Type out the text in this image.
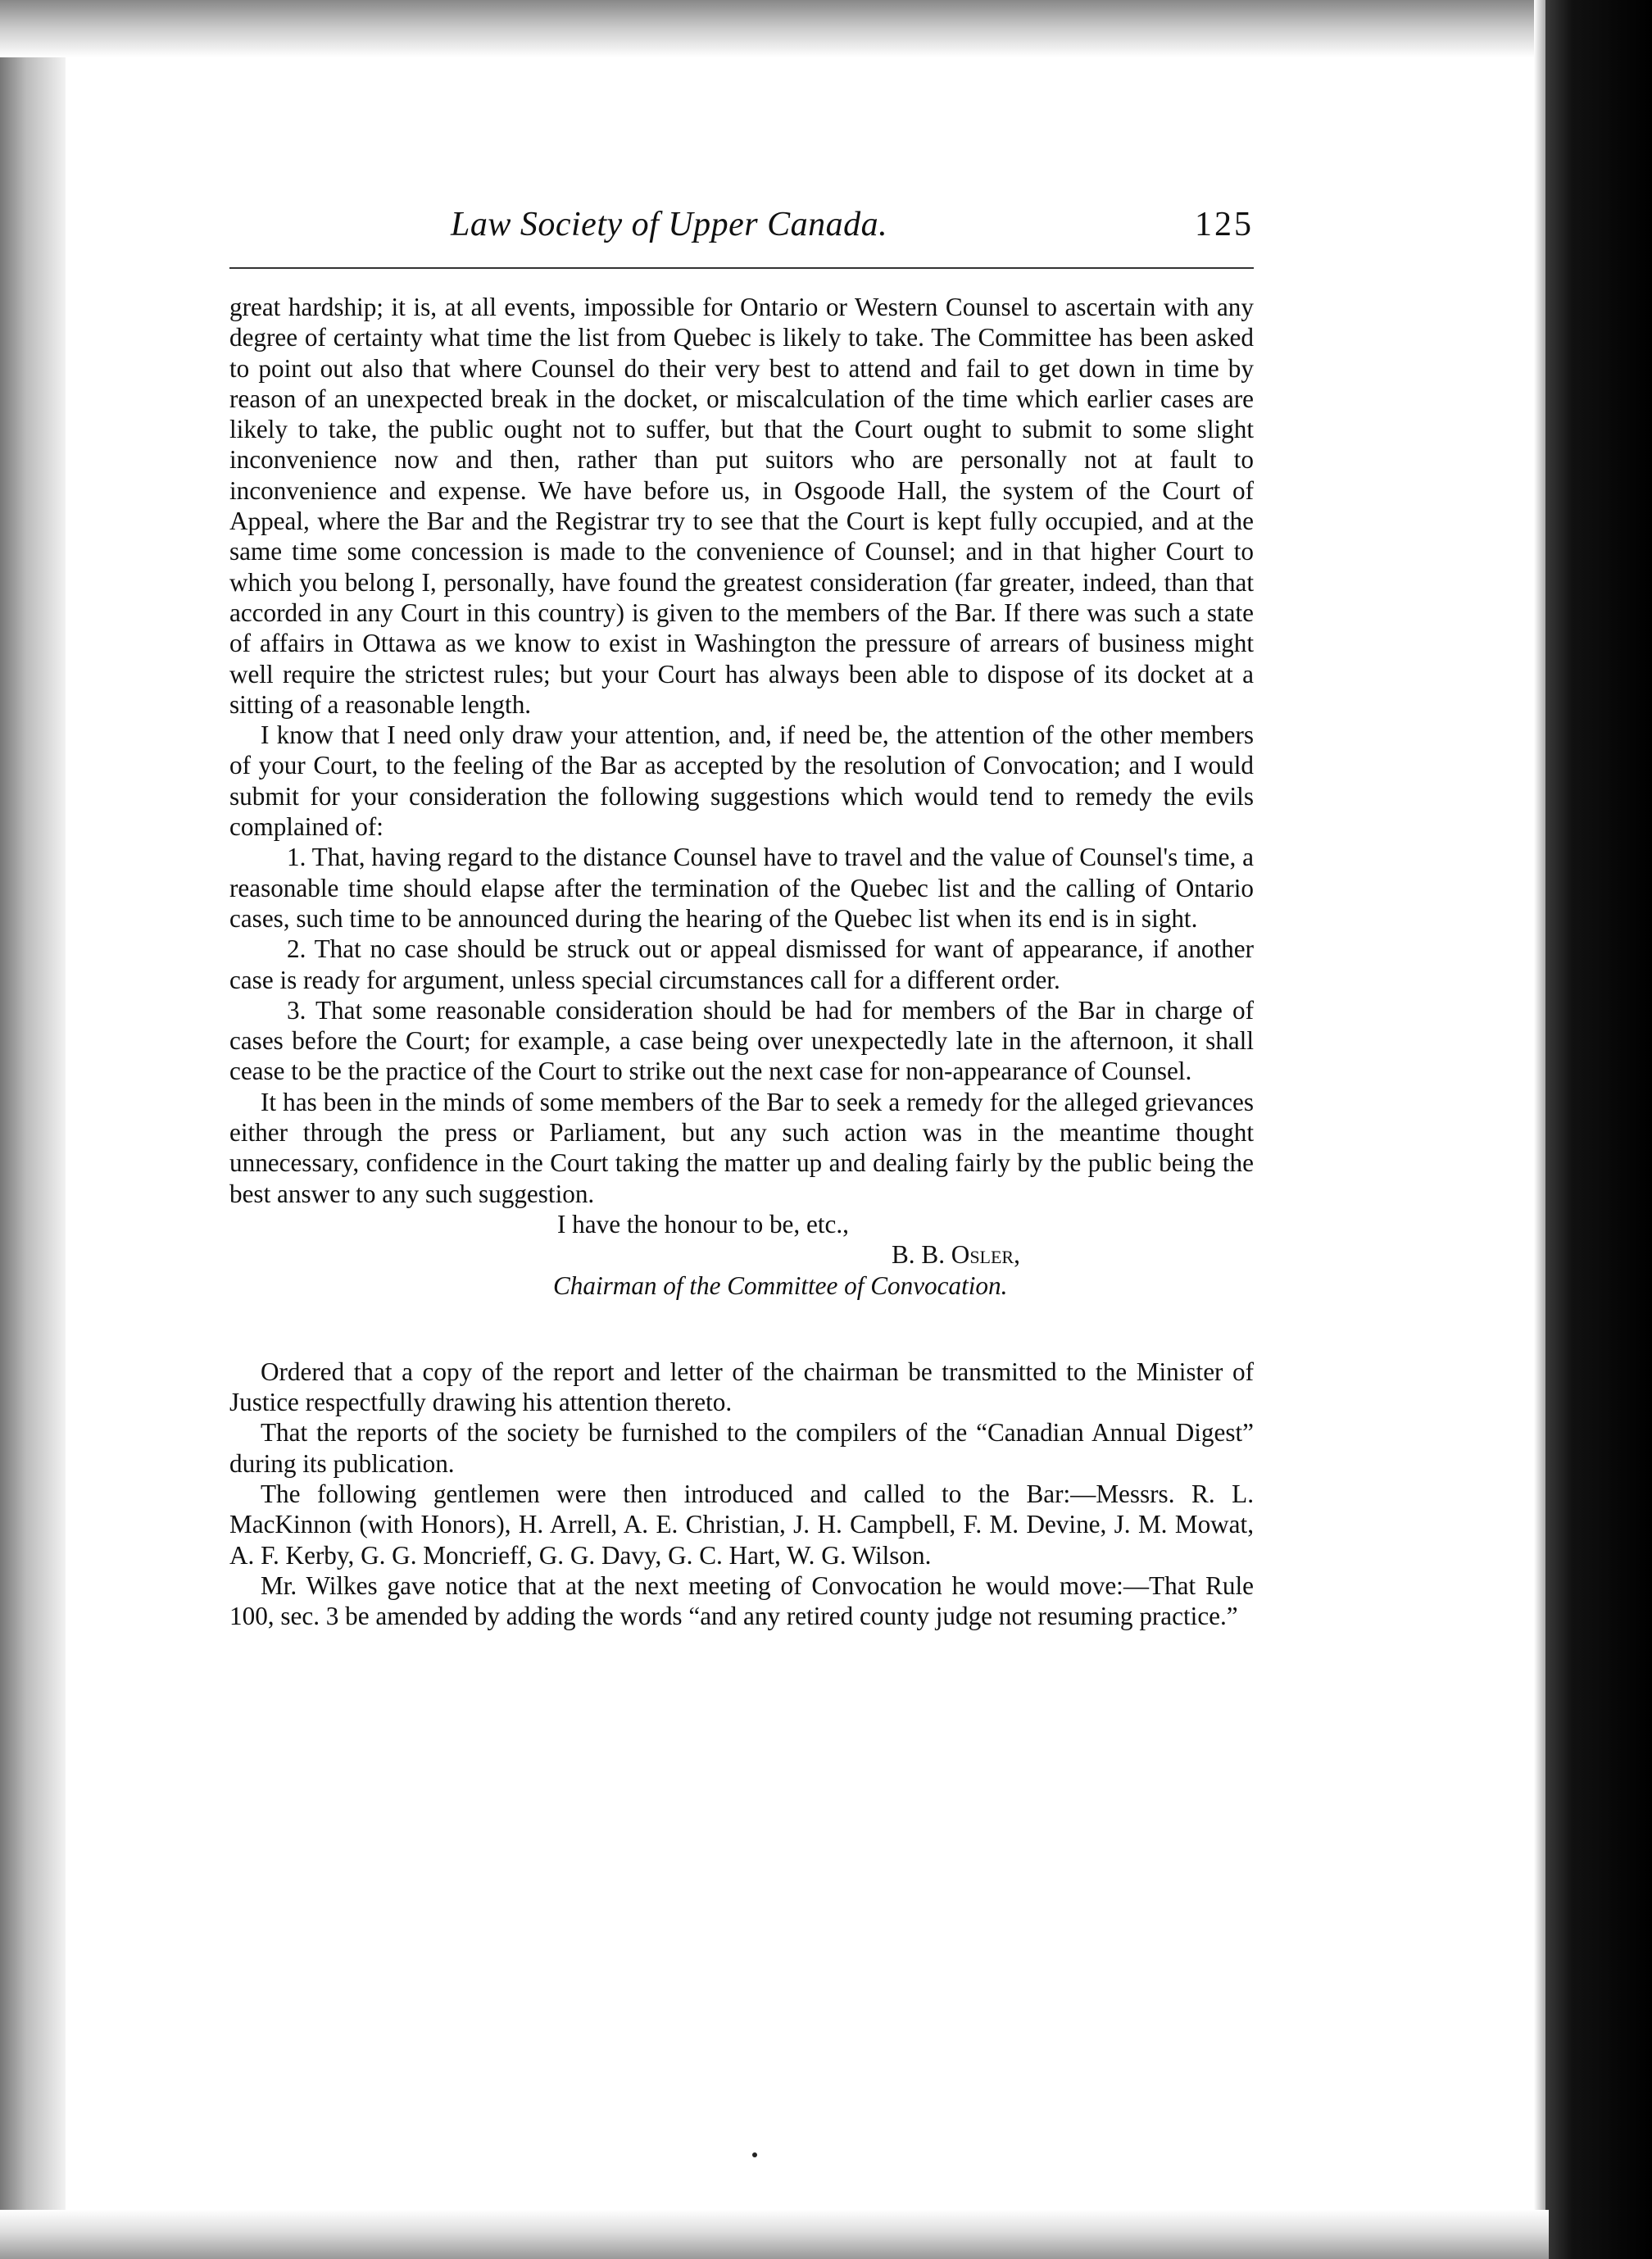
Law Society of Upper Canada.	125

great hardship; it is, at all events, impossible for Ontario or Western Counsel to ascertain with any degree of certainty what time the list from Quebec is likely to take. The Committee has been asked to point out also that where Counsel do their very best to attend and fail to get down in time by reason of an unexpected break in the docket, or miscalculation of the time which earlier cases are likely to take, the public ought not to suffer, but that the Court ought to submit to some slight inconvenience now and then, rather than put suitors who are personally not at fault to inconvenience and expense. We have before us, in Osgoode Hall, the system of the Court of Appeal, where the Bar and the Registrar try to see that the Court is kept fully occupied, and at the same time some concession is made to the convenience of Counsel; and in that higher Court to which you belong I, personally, have found the greatest consideration (far greater, indeed, than that accorded in any Court in this country) is given to the members of the Bar. If there was such a state of affairs in Ottawa as we know to exist in Washington the pressure of arrears of business might well require the strictest rules; but your Court has always been able to dispose of its docket at a sitting of a reasonable length.

I know that I need only draw your attention, and, if need be, the attention of the other members of your Court, to the feeling of the Bar as accepted by the resolution of Convocation; and I would submit for your consideration the following suggestions which would tend to remedy the evils complained of:

1. That, having regard to the distance Counsel have to travel and the value of Counsel's time, a reasonable time should elapse after the termination of the Quebec list and the calling of Ontario cases, such time to be announced during the hearing of the Quebec list when its end is in sight.

2. That no case should be struck out or appeal dismissed for want of appearance, if another case is ready for argument, unless special circumstances call for a different order.

3. That some reasonable consideration should be had for members of the Bar in charge of cases before the Court; for example, a case being over unexpectedly late in the afternoon, it shall cease to be the practice of the Court to strike out the next case for non-appearance of Counsel.

It has been in the minds of some members of the Bar to seek a remedy for the alleged grievances either through the press or Parliament, but any such action was in the meantime thought unnecessary, confidence in the Court taking the matter up and dealing fairly by the public being the best answer to any such suggestion.

I have the honour to be, etc.,
B. B. Osler,
Chairman of the Committee of Convocation.

Ordered that a copy of the report and letter of the chairman be transmitted to the Minister of Justice respectfully drawing his attention thereto.

That the reports of the society be furnished to the compilers of the “Canadian Annual Digest” during its publication.

The following gentlemen were then introduced and called to the Bar:—Messrs. R. L. MacKinnon (with Honors), H. Arrell, A. E. Christian, J. H. Campbell, F. M. Devine, J. M. Mowat, A. F. Kerby, G. G. Moncrieff, G. G. Davy, G. C. Hart, W. G. Wilson.

Mr. Wilkes gave notice that at the next meeting of Convocation he would move:—That Rule 100, sec. 3 be amended by adding the words “and any retired county judge not resuming practice.”
